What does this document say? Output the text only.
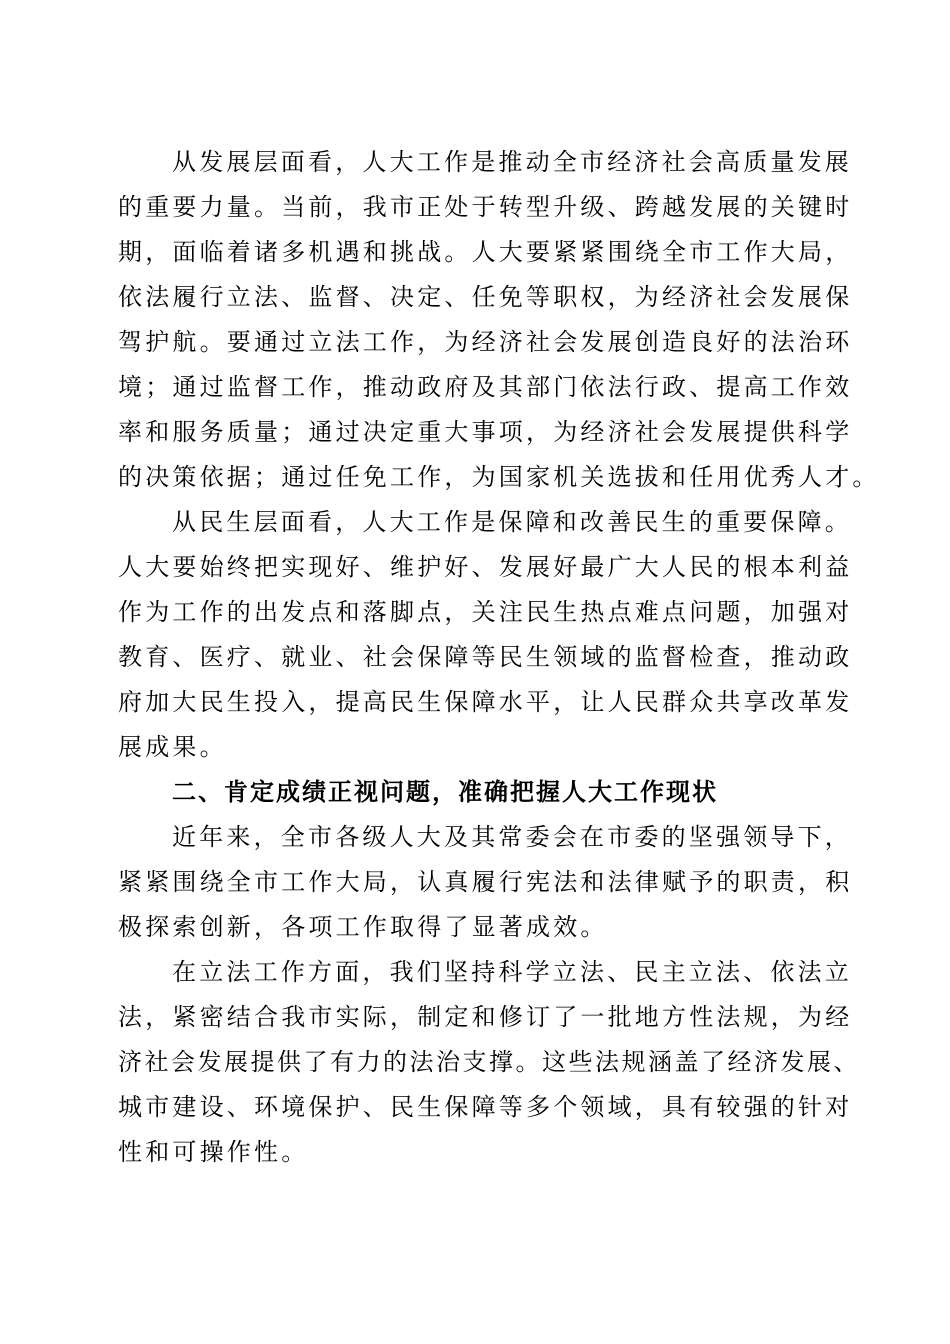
从发展层面看，人大工作是推动全市经济社会高质量发展
的重要力量。当前，我市正处于转型升级、跨越发展的关键时
期，面临着诸多机遇和挑战。人大要紧紧围绕全市工作大局，
依法履行立法、监督、决定、任免等职权，为经济社会发展保
驾护航。要通过立法工作，为经济社会发展创造良好的法治环
境；通过监督工作，推动政府及其部门依法行政、提高工作效
率和服务质量；通过决定重大事项，为经济社会发展提供科学
的决策依据；通过任免工作，为国家机关选拔和任用优秀人才。
从民生层面看，人大工作是保障和改善民生的重要保障。
人大要始终把实现好、维护好、发展好最广大人民的根本利益
作为工作的出发点和落脚点，关注民生热点难点问题，加强对
教育、医疗、就业、社会保障等民生领域的监督检查，推动政
府加大民生投入，提高民生保障水平，让人民群众共享改革发
展成果。
二、肯定成绩正视问题，准确把握人大工作现状
近年来，全市各级人大及其常委会在市委的坚强领导下，
紧紧围绕全市工作大局，认真履行宪法和法律赋予的职责，积
极探索创新，各项工作取得了显著成效。
在立法工作方面，我们坚持科学立法、民主立法、依法立
法，紧密结合我市实际，制定和修订了一批地方性法规，为经
济社会发展提供了有力的法治支撑。这些法规涵盖了经济发展、
城市建设、环境保护、民生保障等多个领域，具有较强的针对
性和可操作性。
